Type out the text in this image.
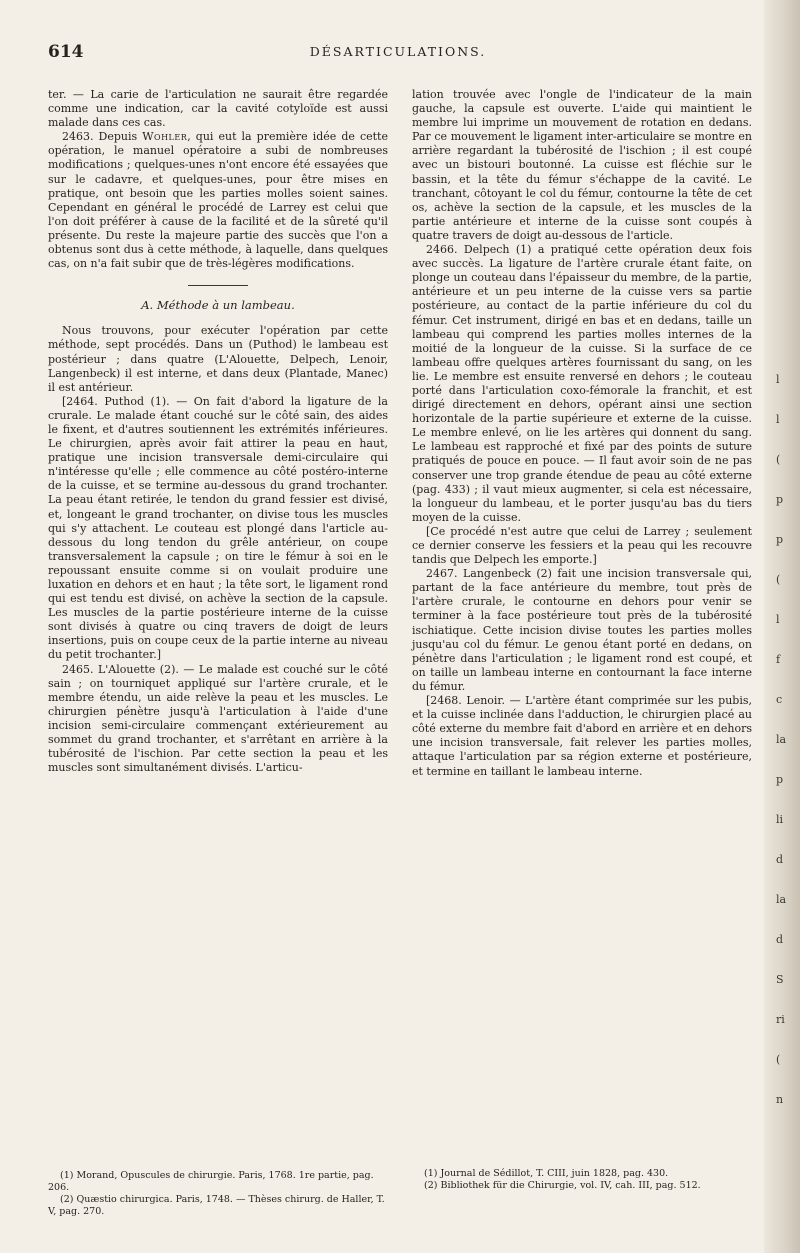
614	DÉSARTICULATIONS.

ter. — La carie de l'articulation ne saurait être regardée comme une indication, car la cavité cotyloïde est aussi malade dans ces cas.

2463. Depuis Wohler, qui eut la première idée de cette opération, le manuel opératoire a subi de nombreuses modifications ; quelques-unes n'ont encore été essayées que sur le cadavre, et quelques-unes, pour être mises en pratique, ont besoin que les parties molles soient saines. Cependant en général le procédé de Larrey est celui que l'on doit préférer à cause de la facilité et de la sûreté qu'il présente. Du reste la majeure partie des succès que l'on a obtenus sont dus à cette méthode, à laquelle, dans quelques cas, on n'a fait subir que de très-légères modifications.

A. Méthode à un lambeau.

Nous trouvons, pour exécuter l'opération par cette méthode, sept procédés. Dans un (Puthod) le lambeau est postérieur ; dans quatre (L'Alouette, Delpech, Lenoir, Langenbeck) il est interne, et dans deux (Plantade, Manec) il est antérieur.

[2464. Puthod (1). — On fait d'abord la ligature de la crurale. Le malade étant couché sur le côté sain, des aides le fixent, et d'autres soutiennent les extrémités inférieures. Le chirurgien, après avoir fait attirer la peau en haut, pratique une incision transversale demi-circulaire qui n'intéresse qu'elle ; elle commence au côté postéro-interne de la cuisse, et se termine au-dessous du grand trochanter. La peau étant retirée, le tendon du grand fessier est divisé, et, longeant le grand trochanter, on divise tous les muscles qui s'y attachent. Le couteau est plongé dans l'article au-dessous du long tendon du grêle antérieur, on coupe transversalement la capsule ; on tire le fémur à soi en le repoussant ensuite comme si on voulait produire une luxation en dehors et en haut ; la tête sort, le ligament rond qui est tendu est divisé, on achève la section de la capsule. Les muscles de la partie postérieure interne de la cuisse sont divisés à quatre ou cinq travers de doigt de leurs insertions, puis on coupe ceux de la partie interne au niveau du petit trochanter.]

2465. L'Alouette (2). — Le malade est couché sur le côté sain ; on tourniquet appliqué sur l'artère crurale, et le membre étendu, un aide relève la peau et les muscles. Le chirurgien pénètre jusqu'à l'articulation à l'aide d'une incision semi-circulaire commençant extérieurement au sommet du grand trochanter, et s'arrêtant en arrière à la tubérosité de l'ischion. Par cette section la peau et les muscles sont simultanément divisés. L'articu-

(1) Morand, Opuscules de chirurgie. Paris, 1768. 1re partie, pag. 206.

(2) Quæstio chirurgica. Paris, 1748. — Thèses chirurg. de Haller, T. V, pag. 270.

lation trouvée avec l'ongle de l'indicateur de la main gauche, la capsule est ouverte. L'aide qui maintient le membre lui imprime un mouvement de rotation en dedans. Par ce mouvement le ligament inter-articulaire se montre en arrière regardant la tubérosité de l'ischion ; il est coupé avec un bistouri boutonné. La cuisse est fléchie sur le bassin, et la tête du fémur s'échappe de la cavité. Le tranchant, côtoyant le col du fémur, contourne la tête de cet os, achève la section de la capsule, et les muscles de la partie antérieure et interne de la cuisse sont coupés à quatre travers de doigt au-dessous de l'article.

2466. Delpech (1) a pratiqué cette opération deux fois avec succès. La ligature de l'artère crurale étant faite, on plonge un couteau dans l'épaisseur du membre, de la partie, antérieure et un peu interne de la cuisse vers sa partie postérieure, au contact de la partie inférieure du col du fémur. Cet instrument, dirigé en bas et en dedans, taille un lambeau qui comprend les parties molles internes de la moitié de la longueur de la cuisse. Si la surface de ce lambeau offre quelques artères fournissant du sang, on les lie. Le membre est ensuite renversé en dehors ; le couteau porté dans l'articulation coxo-fémorale la franchit, et est dirigé directement en dehors, opérant ainsi une section horizontale de la partie supérieure et externe de la cuisse. Le membre enlevé, on lie les artères qui donnent du sang. Le lambeau est rapproché et fixé par des points de suture pratiqués de pouce en pouce. — Il faut avoir soin de ne pas conserver une trop grande étendue de peau au côté externe (pag. 433) ; il vaut mieux augmenter, si cela est nécessaire, la longueur du lambeau, et le porter jusqu'au bas du tiers moyen de la cuisse.

[Ce procédé n'est autre que celui de Larrey ; seulement ce dernier conserve les fessiers et la peau qui les recouvre tandis que Delpech les emporte.]

2467. Langenbeck (2) fait une incision transversale qui, partant de la face antérieure du membre, tout près de l'artère crurale, le contourne en dehors pour venir se terminer à la face postérieure tout près de la tubérosité ischiatique. Cette incision divise toutes les parties molles jusqu'au col du fémur. Le genou étant porté en dedans, on pénètre dans l'articulation ; le ligament rond est coupé, et on taille un lambeau interne en contournant la face interne du fémur.

[2468. Lenoir. — L'artère étant comprimée sur les pubis, et la cuisse inclinée dans l'adduction, le chirurgien placé au côté externe du membre fait d'abord en arrière et en dehors une incision transversale, fait relever les parties molles, attaque l'articulation par sa région externe et postérieure, et termine en taillant le lambeau interne.

(1) Journal de Sédillot, T. CIII, juin 1828, pag. 430.

(2) Bibliothek für die Chirurgie, vol. IV, cah. III, pag. 512.

l
l
(
p
p
(
l
f
c
la
p
li
d
la
d
S
ri
(
n
